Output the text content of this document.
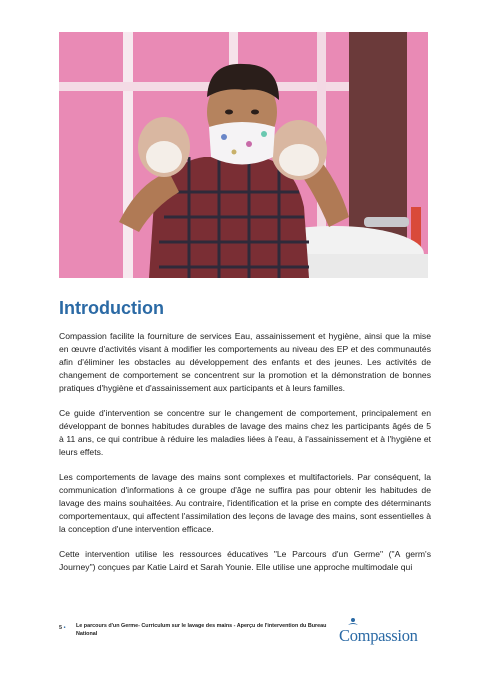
Introduction

Compassion facilite la fourniture de services Eau, assainissement et hygiène, ainsi que la mise en œuvre d'activités visant à modifier les comportements au niveau des EP et des communautés afin d'éliminer les obstacles au développement des enfants et des jeunes. Les activités de changement de comportement se concentrent sur la promotion et la démonstration de bonnes pratiques d'hygiène et d'assainissement aux participants et à leurs familles.

Ce guide d'intervention se concentre sur le changement de comportement, principalement en développant de bonnes habitudes durables de lavage des mains chez les participants âgés de 5 à 11 ans, ce qui contribue à réduire les maladies liées à l'eau, à l'assainissement et à l'hygiène et leurs effets.

Les comportements de lavage des mains sont complexes et multifactoriels. Par conséquent, la communication d'informations à ce groupe d'âge ne suffira pas pour obtenir les habitudes de lavage des mains souhaitées. Au contraire, l'identification et la prise en compte des déterminants comportementaux, qui affectent l'assimilation des leçons de lavage des mains, sont essentielles à la conception d'une intervention efficace.

Cette intervention utilise les ressources éducatives "Le Parcours d'un Germe" ("A germ's Journey") conçues par Katie Laird et Sarah Younie. Elle utilise une approche multimodale qui

5 •	Le parcours d'un Germe- Curriculum sur le lavage des mains - Aperçu de l'intervention du Bureau National	Compassion
